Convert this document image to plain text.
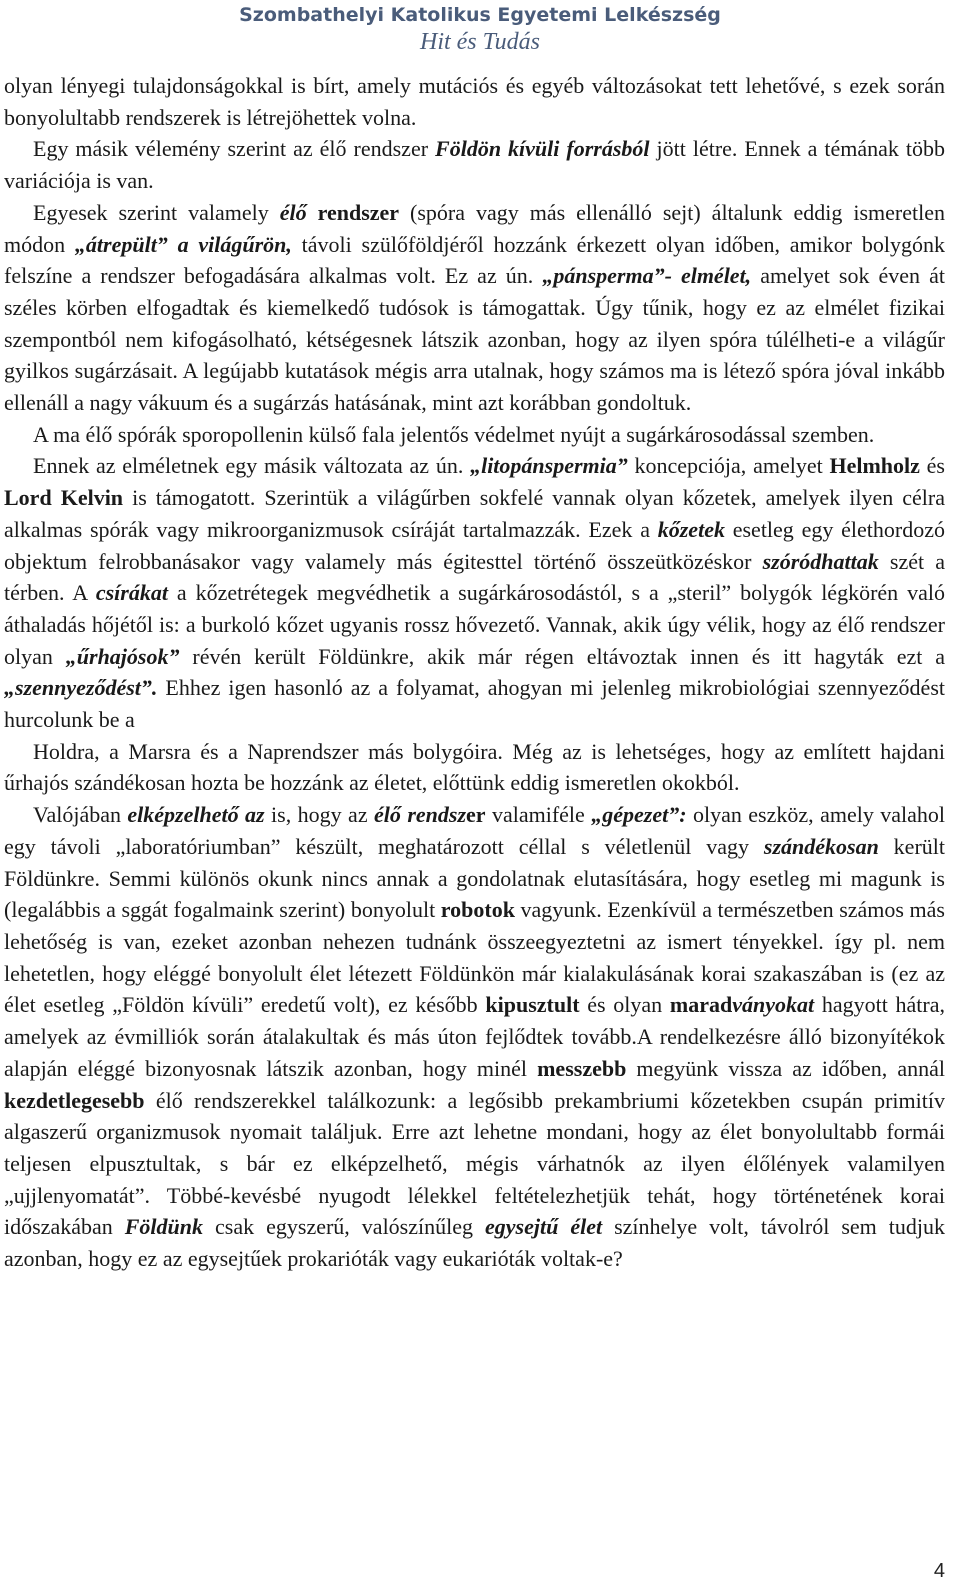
Szombathelyi Katolikus Egyetemi Lelkészség
Hit és Tudás

olyan lényegi tulajdonságokkal is bírt, amely mutációs és egyéb változásokat tett lehetővé, s ezek során bonyolultabb rendszerek is létrejöhettek volna.

Egy másik vélemény szerint az élő rendszer Földön kívüli forrásból jött létre. Ennek a témának több variációja is van.

Egyesek szerint valamely élő rendszer (spóra vagy más ellenálló sejt) általunk eddig ismeretlen módon „átrepült” a világűrön, távoli szülőföldjéről hozzánk érkezett olyan időben, amikor bolygónk felszíne a rendszer befogadására alkalmas volt. Ez az ún. „pánsperma”- elmélet, amelyet sok éven át széles körben elfogadtak és kiemelkedő tudósok is támogattak. Úgy tűnik, hogy ez az elmélet fizikai szempontból nem kifogásolható, kétségesnek látszik azonban, hogy az ilyen spóra túlélheti-e a világűr gyilkos sugárzásait. A legújabb kutatások mégis arra utalnak, hogy számos ma is létező spóra jóval inkább ellenáll a nagy vákuum és a sugárzás hatásának, mint azt korábban gondoltuk.

A ma élő spórák sporopollenin külső fala jelentős védelmet nyújt a sugárkárosodással szemben.

Ennek az elméletnek egy másik változata az ún. „litopánspermia” koncepciója, amelyet Helmholz és Lord Kelvin is támogatott. Szerintük a világűrben sokfelé vannak olyan kőzetek, amelyek ilyen célra alkalmas spórák vagy mikroorganizmusok csíráját tartalmazzák. Ezek a kőzetek esetleg egy élethordozó objektum felrobbanásakor vagy valamely más égitesttel történő összeütközéskor szóródhattak szét a térben. A csírákat a kőzetrétegek megvédhetik a sugárkárosodástól, s a „steril” bolygók légkörén való áthaladás hőjétől is: a burkoló kőzet ugyanis rossz hővezető. Vannak, akik úgy vélik, hogy az élő rendszer olyan „űrhajósok” révén került Földünkre, akik már régen eltávoztak innen és itt hagyták ezt a „szennyeződést”. Ehhez igen hasonló az a folyamat, ahogyan mi jelenleg mikrobiológiai szennyeződést hurcolunk be a

Holdra, a Marsra és a Naprendszer más bolygóira. Még az is lehetséges, hogy az említett hajdani űrhajós szándékosan hozta be hozzánk az életet, előttünk eddig ismeretlen okokból.

Valójában elképzelhető az is, hogy az élő rendszer valamiféle „gépezet”: olyan eszköz, amely valahol egy távoli „laboratóriumban” készült, meghatározott céllal s véletlenül vagy szándékosan került Földünkre. Semmi különös okunk nincs annak a gondolatnak elutasítására, hogy esetleg mi magunk is (legalábbis a sggát fogalmaink szerint) bonyolult robotok vagyunk. Ezenkívül a természetben számos más lehetőség is van, ezeket azonban nehezen tudnánk összeegyeztetni az ismert tényekkel. így pl. nem lehetetlen, hogy eléggé bonyolult élet létezett Földünkön már kialakulásának korai szakaszában is (ez az élet esetleg „Földön kívüli” eredetű volt), ez később kipusztult és olyan maradványokat hagyott hátra, amelyek az évmilliók során átalakultak és más úton fejlődtek tovább.A rendelkezésre álló bizonyítékok alapján eléggé bizonyosnak látszik azonban, hogy minél messzebb megyünk vissza az időben, annál kezdetlegesebb élő rendszerekkel találkozunk: a legősibb prekambriumi kőzetekben csupán primitív algaszerű organizmusok nyomait találjuk. Erre azt lehetne mondani, hogy az élet bonyolultabb formái teljesen elpusztultak, s bár ez elképzelhető, mégis várhatnók az ilyen élőlények valamilyen „ujjlenyomatát”. Többé-kevésbé nyugodt lélekkel feltételezhetjük tehát, hogy történetének korai időszakában Földünk csak egyszerű, valószínűleg egysejtű élet színhelye volt, távolról sem tudjuk azonban, hogy ez az egysejtűek prokarióták vagy eukarióták voltak-e?

4
